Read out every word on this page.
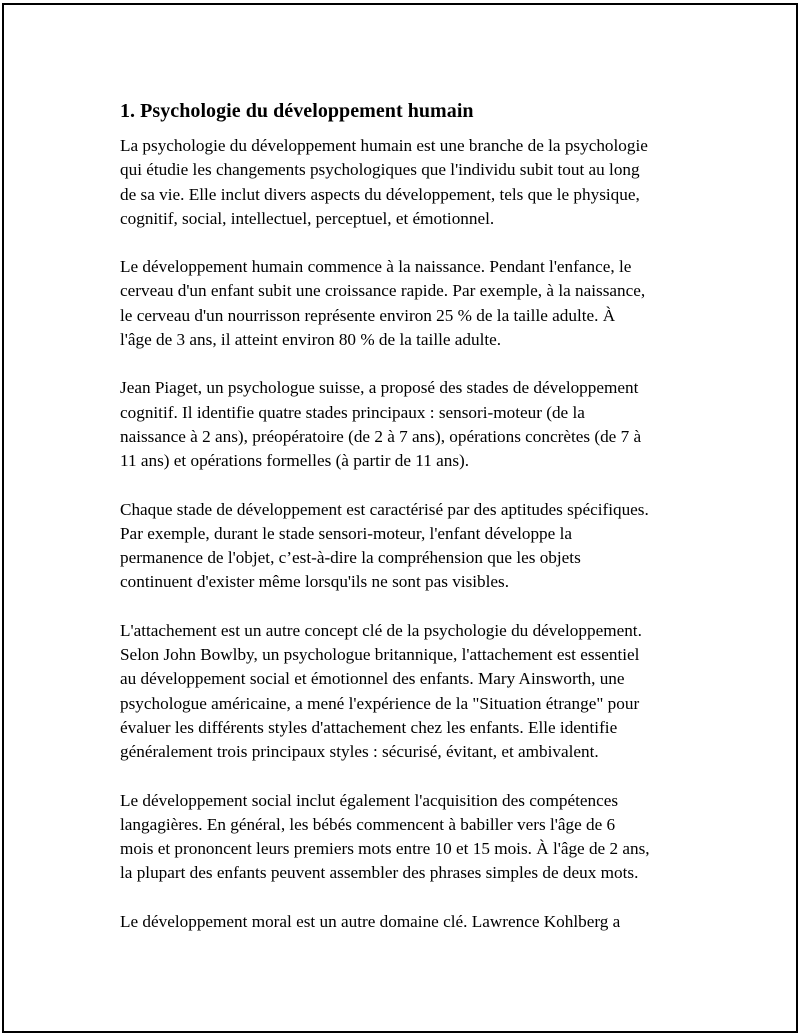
1. Psychologie du développement humain

La psychologie du développement humain est une branche de la psychologie
qui étudie les changements psychologiques que l'individu subit tout au long
de sa vie. Elle inclut divers aspects du développement, tels que le physique,
cognitif, social, intellectuel, perceptuel, et émotionnel.

Le développement humain commence à la naissance. Pendant l'enfance, le
cerveau d'un enfant subit une croissance rapide. Par exemple, à la naissance,
le cerveau d'un nourrisson représente environ 25 % de la taille adulte. À
l'âge de 3 ans, il atteint environ 80 % de la taille adulte.

Jean Piaget, un psychologue suisse, a proposé des stades de développement
cognitif. Il identifie quatre stades principaux : sensori-moteur (de la
naissance à 2 ans), préopératoire (de 2 à 7 ans), opérations concrètes (de 7 à
11 ans) et opérations formelles (à partir de 11 ans).

Chaque stade de développement est caractérisé par des aptitudes spécifiques.
Par exemple, durant le stade sensori-moteur, l'enfant développe la
permanence de l'objet, c’est-à-dire la compréhension que les objets
continuent d'exister même lorsqu'ils ne sont pas visibles.

L'attachement est un autre concept clé de la psychologie du développement.
Selon John Bowlby, un psychologue britannique, l'attachement est essentiel
au développement social et émotionnel des enfants. Mary Ainsworth, une
psychologue américaine, a mené l'expérience de la "Situation étrange" pour
évaluer les différents styles d'attachement chez les enfants. Elle identifie
généralement trois principaux styles : sécurisé, évitant, et ambivalent.

Le développement social inclut également l'acquisition des compétences
langagières. En général, les bébés commencent à babiller vers l'âge de 6
mois et prononcent leurs premiers mots entre 10 et 15 mois. À l'âge de 2 ans,
la plupart des enfants peuvent assembler des phrases simples de deux mots.

Le développement moral est un autre domaine clé. Lawrence Kohlberg a
